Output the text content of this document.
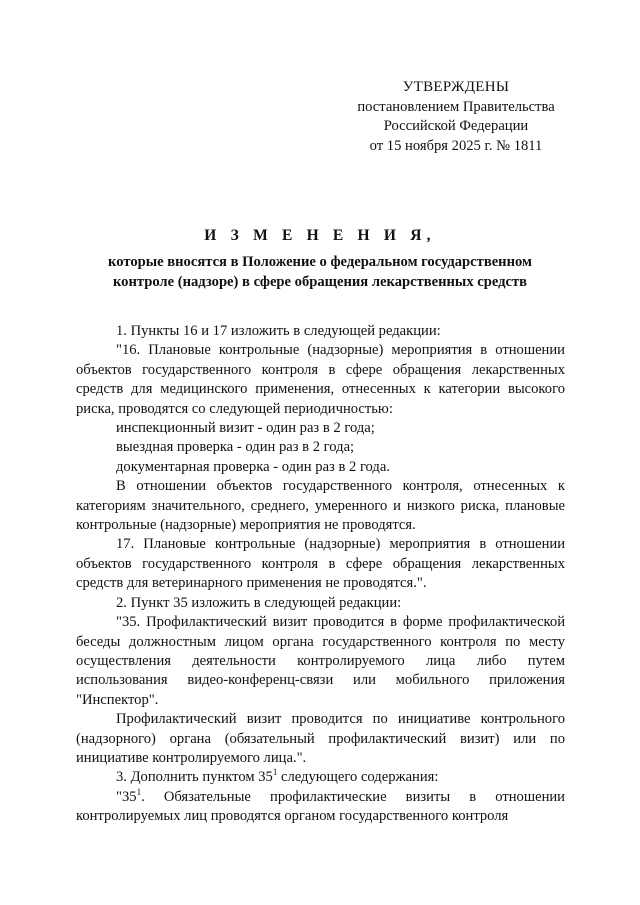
УТВЕРЖДЕНЫ
постановлением Правительства
Российской Федерации
от 15 ноября 2025 г. № 1811
И З М Е Н Е Н И Я,
которые вносятся в Положение о федеральном государственном
контроле (надзоре) в сфере обращения лекарственных средств

1. Пункты 16 и 17 изложить в следующей редакции:

"16. Плановые контрольные (надзорные) мероприятия в отношении объектов государственного контроля в сфере обращения лекарственных средств для медицинского применения, отнесенных к категории высокого риска, проводятся со следующей периодичностью:

инспекционный визит - один раз в 2 года;

выездная проверка - один раз в 2 года;

документарная проверка - один раз в 2 года.

В отношении объектов государственного контроля, отнесенных к категориям значительного, среднего, умеренного и низкого риска, плановые контрольные (надзорные) мероприятия не проводятся.

17. Плановые контрольные (надзорные) мероприятия в отношении объектов государственного контроля в сфере обращения лекарственных средств для ветеринарного применения не проводятся.".

2. Пункт 35 изложить в следующей редакции:

"35. Профилактический визит проводится в форме профилактической беседы должностным лицом органа государственного контроля по месту осуществления деятельности контролируемого лица либо путем использования видео-конференц-связи или мобильного приложения "Инспектор".

Профилактический визит проводится по инициативе контрольного (надзорного) органа (обязательный профилактический визит) или по инициативе контролируемого лица.".

3. Дополнить пунктом $35^1$ следующего содержания:

"$35^1$. Обязательные профилактические визиты в отношении контролируемых лиц проводятся органом государственного контроля
